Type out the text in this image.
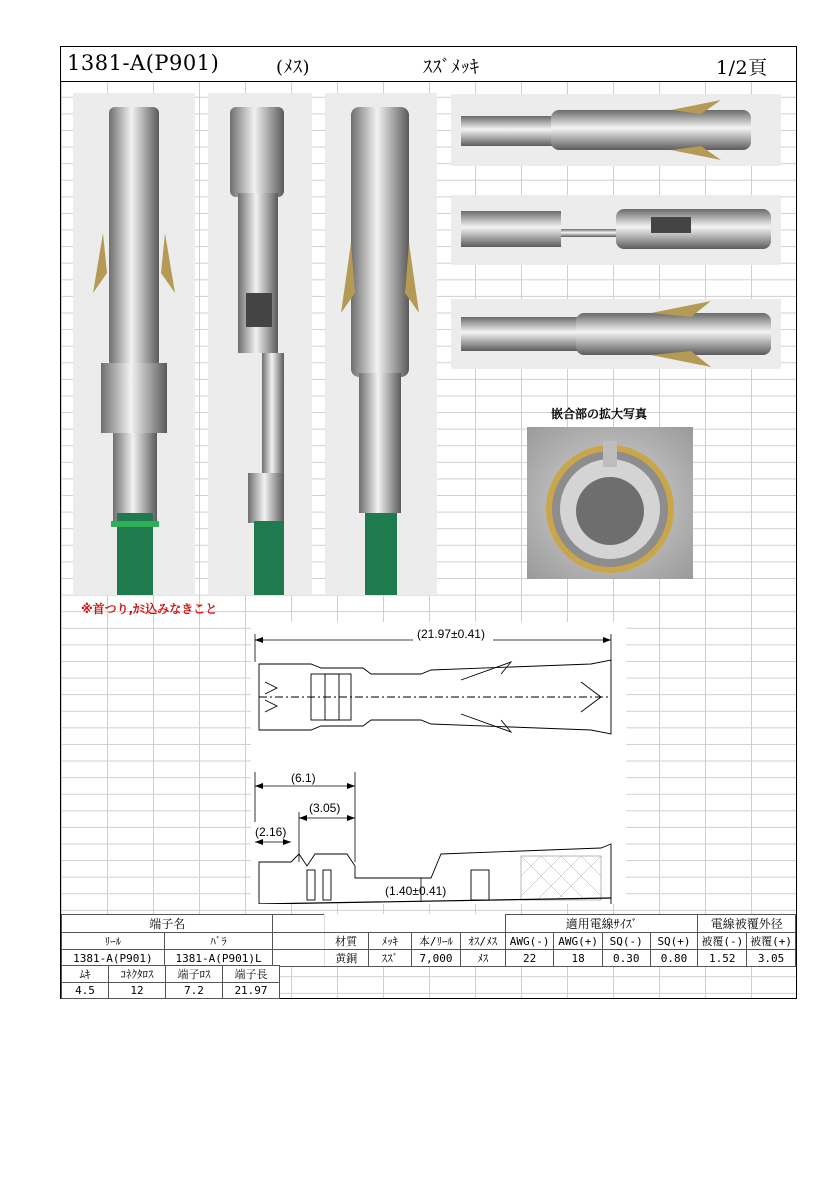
1381-A(P901)	(ﾒｽ)	ｽｽﾞﾒｯｷ	1/2頁
嵌合部の拡大写真
※首つり,ｶﾐ込みなきこと
(21.97±0.41)
(6.1)
(3.05)
(2.16)
(1.40±0.41)
端子名							適用電線ｻｲｽﾞ				電線被覆外径	
ﾘｰﾙ	ﾊﾞﾗ		材質	ﾒｯｷ	本/ﾘｰﾙ	ｵｽ/ﾒｽ	AWG(-)	AWG(+)	SQ(-)	SQ(+)	被覆(-)	被覆(+)
1381-A(P901)	1381-A(P901)L		黄銅	ｽｽﾞ	7,000	ﾒｽ	22	18	0.30	0.80	1.52	3.05
ﾑｷ	ｺﾈｸﾀﾛｽ	端子ﾛｽ	端子長
4.5	12	7.2	21.97
